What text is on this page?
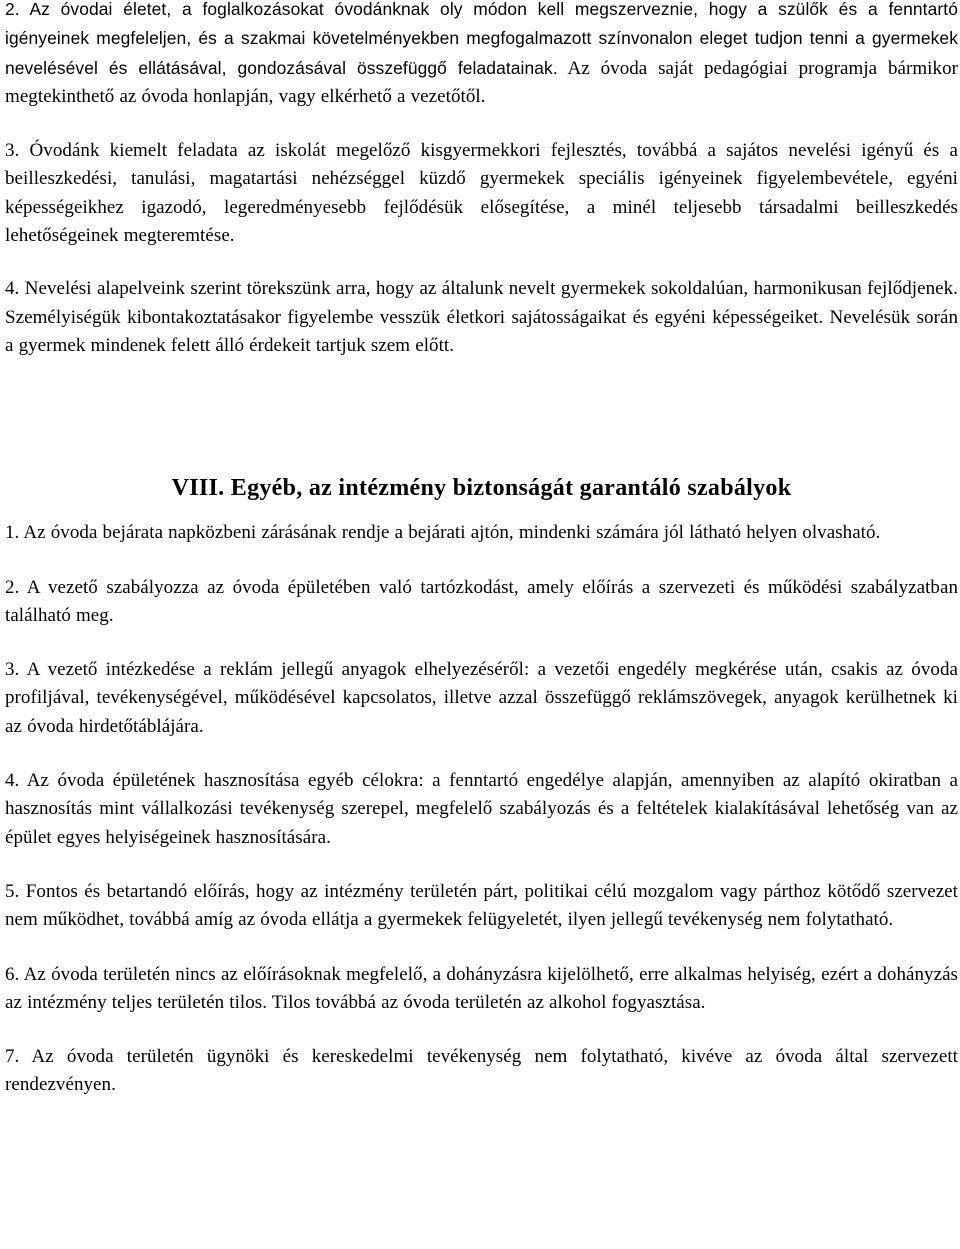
2. Az óvodai életet, a foglalkozásokat óvodánknak oly módon kell megszerveznie, hogy a szülők és a fenntartó igényeinek megfeleljen, és a szakmai követelményekben megfogalmazott színvonalon eleget tudjon tenni a gyermekek nevelésével és ellátásával, gondozásával összefüggő feladatainak. Az óvoda saját pedagógiai programja bármikor megtekinthető az óvoda honlapján, vagy elkérhető a vezetőtől.

3. Óvodánk kiemelt feladata az iskolát megelőző kisgyermekkori fejlesztés, továbbá a sajátos nevelési igényű és a beilleszkedési, tanulási, magatartási nehézséggel küzdő gyermekek speciális igényeinek figyelembevétele, egyéni képességeikhez igazodó, legeredményesebb fejlődésük elősegítése, a minél teljesebb társadalmi beilleszkedés lehetőségeinek megteremtése.

4. Nevelési alapelveink szerint törekszünk arra, hogy az általunk nevelt gyermekek sokoldalúan, harmonikusan fejlődjenek. Személyiségük kibontakoztatásakor figyelembe vesszük életkori sajátosságaikat és egyéni képességeiket. Nevelésük során a gyermek mindenek felett álló érdekeit tartjuk szem előtt.

VIII. Egyéb, az intézmény biztonságát garantáló szabályok

1. Az óvoda bejárata napközbeni zárásának rendje a bejárati ajtón, mindenki számára jól látható helyen olvasható.

2. A vezető szabályozza az óvoda épületében való tartózkodást, amely előírás a szervezeti és működési szabályzatban található meg.

3. A vezető intézkedése a reklám jellegű anyagok elhelyezéséről: a vezetői engedély megkérése után, csakis az óvoda profiljával, tevékenységével, működésével kapcsolatos, illetve azzal összefüggő reklámszövegek, anyagok kerülhetnek ki az óvoda hirdetőtáblájára.

4. Az óvoda épületének hasznosítása egyéb célokra: a fenntartó engedélye alapján, amennyiben az alapító okiratban a hasznosítás mint vállalkozási tevékenység szerepel, megfelelő szabályozás és a feltételek kialakításával lehetőség van az épület egyes helyiségeinek hasznosítására.

5. Fontos és betartandó előírás, hogy az intézmény területén párt, politikai célú mozgalom vagy párthoz kötődő szervezet nem működhet, továbbá amíg az óvoda ellátja a gyermekek felügyeletét, ilyen jellegű tevékenység nem folytatható.

6. Az óvoda területén nincs az előírásoknak megfelelő, a dohányzásra kijelölhető, erre alkalmas helyiség, ezért a dohányzás az intézmény teljes területén tilos. Tilos továbbá az óvoda területén az alkohol fogyasztása.

7. Az óvoda területén ügynöki és kereskedelmi tevékenység nem folytatható, kivéve az óvoda által szervezett rendezvényen.
